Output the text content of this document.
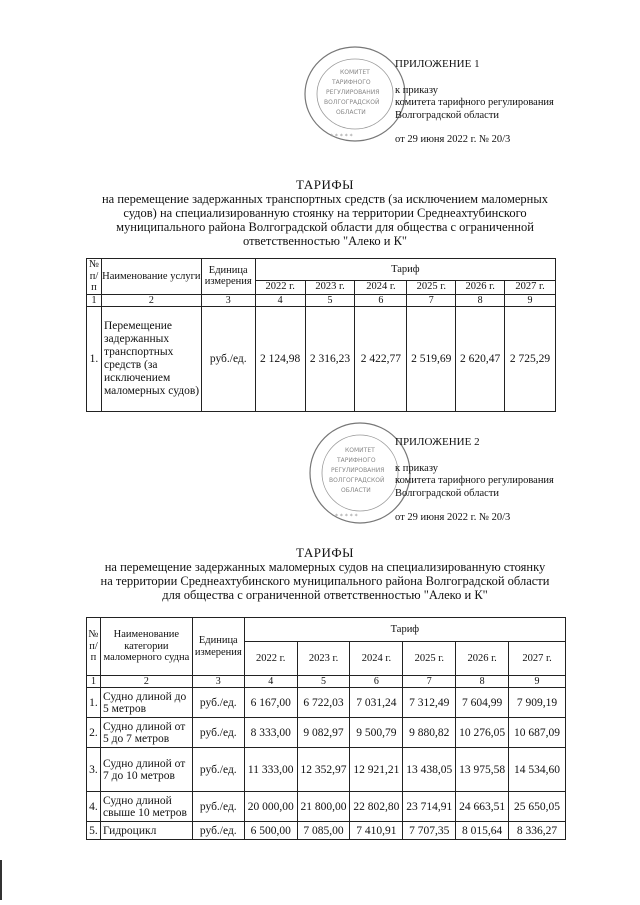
КОМИТЕТ
ТАРИФНОГО
РЕГУЛИРОВАНИЯ
ВОЛГОГРАДСКОЙ
ОБЛАСТИ
* * * * *
ПРИЛОЖЕНИЕ 1
к приказу
комитета тарифного регулирования
Волгоградской области
от 29 июня 2022 г. № 20/3
ТАРИФЫ
на перемещение задержанных транспортных средств (за исключением маломерных
судов) на специализированную стоянку на территории Среднеахтубинского
муниципального района Волгоградской области для общества с ограниченной
ответственностью "Алеко и К"
№ п/п	Наименование услуги	Единица измерения	Тариф					
			2022 г.	2023 г.	2024 г.	2025 г.	2026 г.	2027 г.
1	2	3	4	5	6	7	8	9
1.	Перемещение задержанных транспортных средств (за исключением маломерных судов)	руб./ед.	2 124,98	2 316,23	2 422,77	2 519,69	2 620,47	2 725,29
КОМИТЕТ
ТАРИФНОГО
РЕГУЛИРОВАНИЯ
ВОЛГОГРАДСКОЙ
ОБЛАСТИ
* * * * *
ПРИЛОЖЕНИЕ 2
к приказу
комитета тарифного регулирования
Волгоградской области
от 29 июня 2022 г. № 20/3
ТАРИФЫ
на перемещение задержанных маломерных судов на специализированную стоянку
на территории Среднеахтубинского муниципального района Волгоградской области
для общества с ограниченной ответственностью "Алеко и К"
№ п/п	Наименование категории маломерного судна	Единица измерения	Тариф					
			2022 г.	2023 г.	2024 г.	2025 г.	2026 г.	2027 г.
1	2	3	4	5	6	7	8	9
1.	Судно длиной до 5 метров	руб./ед.	6 167,00	6 722,03	7 031,24	7 312,49	7 604,99	7 909,19
2.	Судно длиной от 5 до 7 метров	руб./ед.	8 333,00	9 082,97	9 500,79	9 880,82	10 276,05	10 687,09
3.	Судно длиной от 7 до 10 метров	руб./ед.	11 333,00	12 352,97	12 921,21	13 438,05	13 975,58	14 534,60
4.	Судно длиной свыше 10 метров	руб./ед.	20 000,00	21 800,00	22 802,80	23 714,91	24 663,51	25 650,05
5.	Гидроцикл	руб./ед.	6 500,00	7 085,00	7 410,91	7 707,35	8 015,64	8 336,27
